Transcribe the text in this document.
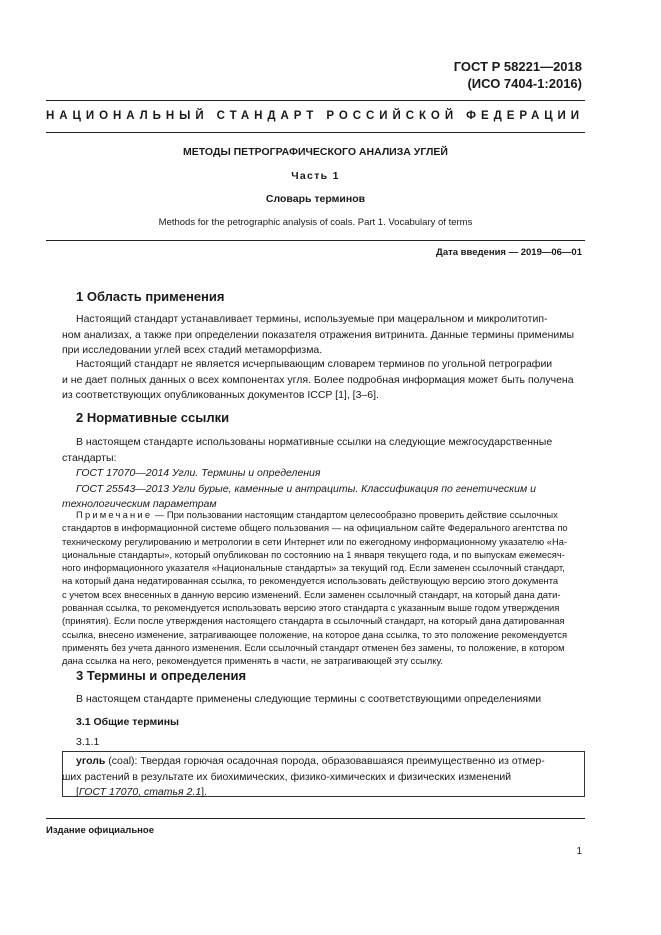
ГОСТ Р 58221—2018
(ИСО 7404-1:2016)
НАЦИОНАЛЬНЫЙ СТАНДАРТ РОССИЙСКОЙ ФЕДЕРАЦИИ
МЕТОДЫ ПЕТРОГРАФИЧЕСКОГО АНАЛИЗА УГЛЕЙ
Часть 1
Словарь терминов
Methods for the petrographic analysis of coals. Part 1. Vocabulary of terms
Дата введения — 2019—06—01
1 Область применения
Настоящий стандарт устанавливает термины, используемые при мацеральном и микролитотип-
ном анализах, а также при определении показателя отражения витринита. Данные термины применимы
при исследовании углей всех стадий метаморфизма.
Настоящий стандарт не является исчерпывающим словарем терминов по угольной петрографии
и не дает полных данных о всех компонентах угля. Более подробная информация может быть получена
из соответствующих опубликованных документов ICCP [1], [3–6].
2 Нормативные ссылки
В настоящем стандарте использованы нормативные ссылки на следующие межгосударственные
стандарты:
ГОСТ 17070—2014 Угли. Термины и определения
ГОСТ 25543—2013 Угли бурые, каменные и антрациты. Классификация по генетическим и
технологическим параметрам
Примечание — При пользовании настоящим стандартом целесообразно проверить действие ссылочных
стандартов в информационной системе общего пользования — на официальном сайте Федерального агентства по
техническому регулированию и метрологии в сети Интернет или по ежегодному информационному указателю «На-
циональные стандарты», который опубликован по состоянию на 1 января текущего года, и по выпускам ежемесяч-
ного информационного указателя «Национальные стандарты» за текущий год. Если заменен ссылочный стандарт,
на который дана недатированная ссылка, то рекомендуется использовать действующую версию этого документа
с учетом всех внесенных в данную версию изменений. Если заменен ссылочный стандарт, на который дана дати-
рованная ссылка, то рекомендуется использовать версию этого стандарта с указанным выше годом утверждения
(принятия). Если после утверждения настоящего стандарта в ссылочный стандарт, на который дана датированная
ссылка, внесено изменение, затрагивающее положение, на которое дана ссылка, то это положение рекомендуется
применять без учета данного изменения. Если ссылочный стандарт отменен без замены, то положение, в котором
дана ссылка на него, рекомендуется применять в части, не затрагивающей эту ссылку.
3 Термины и определения
В настоящем стандарте применены следующие термины с соответствующими определениями
3.1 Общие термины
3.1.1
уголь (coal): Твердая горючая осадочная порода, образовавшаяся преимущественно из отмер-
ших растений в результате их биохимических, физико-химических и физических изменений
[ГОСТ 17070, статья 2.1].
Издание официальное
1
